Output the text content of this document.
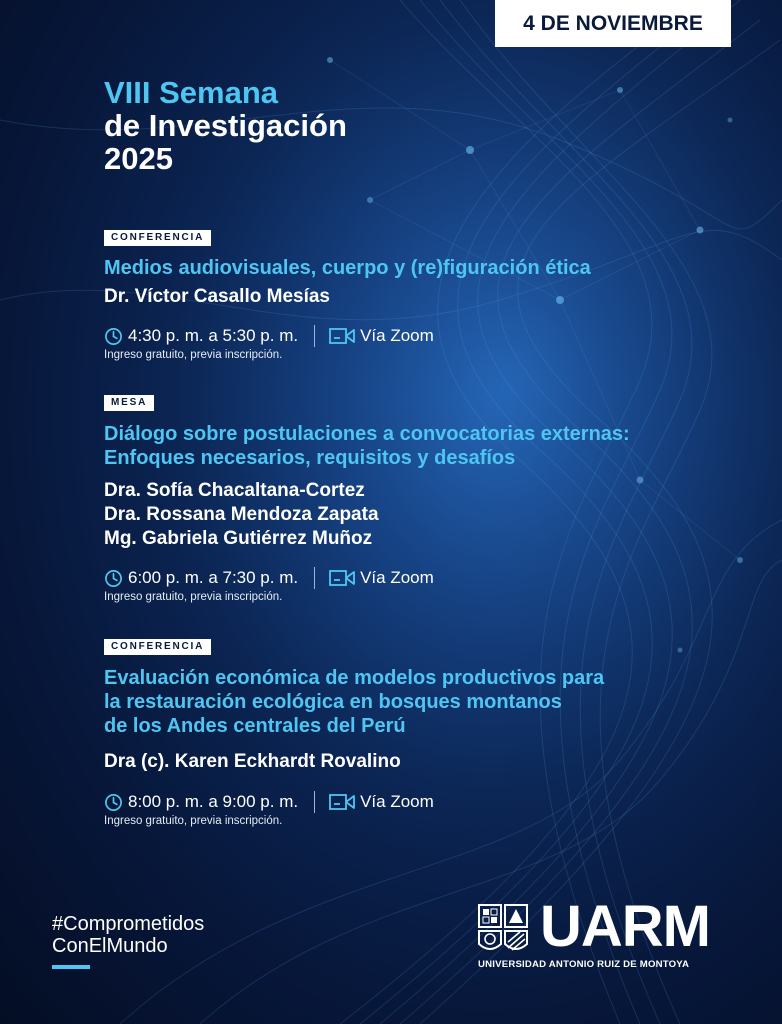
4 DE NOVIEMBRE
VIII Semana
de Investigación
2025
CONFERENCIA
Medios audiovisuales, cuerpo y (re)figuración ética
Dr. Víctor Casallo Mesías
4:30 p. m. a 5:30 p. m.	Vía Zoom
Ingreso gratuito, previa inscripción.
MESA
Diálogo sobre postulaciones a convocatorias externas:
Enfoques necesarios, requisitos y desafíos
Dra. Sofía Chacaltana-Cortez
Dra. Rossana Mendoza Zapata
Mg. Gabriela Gutiérrez Muñoz
6:00 p. m. a 7:30 p. m.	Vía Zoom
Ingreso gratuito, previa inscripción.
CONFERENCIA
Evaluación económica de modelos productivos para
la restauración ecológica en bosques montanos
de los Andes centrales del Perú
Dra (c). Karen Eckhardt Rovalino
8:00 p. m. a 9:00 p. m.	Vía Zoom
Ingreso gratuito, previa inscripción.
#Comprometidos
ConElMundo	UARM
UNIVERSIDAD ANTONIO RUIZ DE MONTOYA
